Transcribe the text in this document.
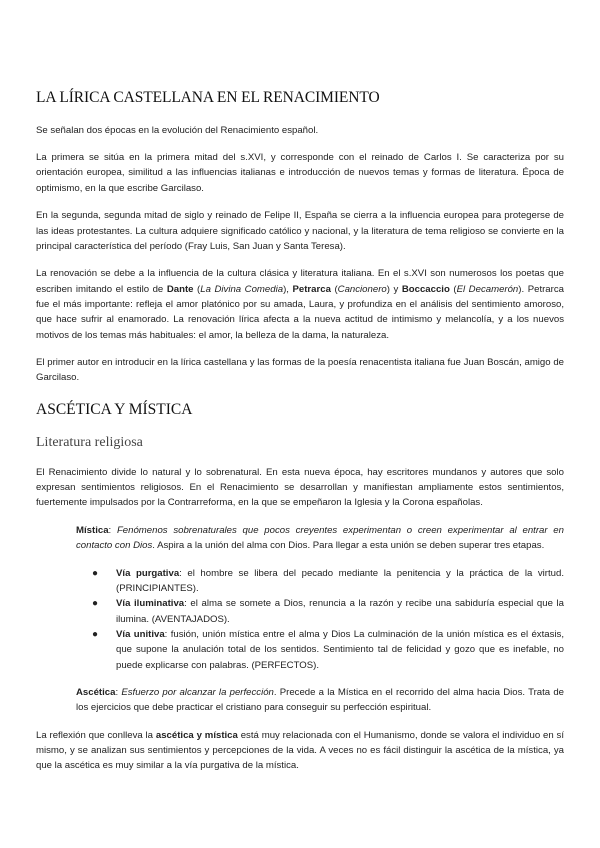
LA LÍRICA CASTELLANA EN EL RENACIMIENTO

Se señalan dos épocas en la evolución del Renacimiento español.

La primera se sitúa en la primera mitad del s.XVI, y corresponde con el reinado de Carlos I. Se caracteriza por su orientación europea, similitud a las influencias italianas e introducción de nuevos temas y formas de literatura. Época de optimismo, en la que escribe Garcilaso.

En la segunda, segunda mitad de siglo y reinado de Felipe II, España se cierra a la influencia europea para protegerse de las ideas protestantes. La cultura adquiere significado católico y nacional, y la literatura de tema religioso se convierte en la principal característica del período (Fray Luis, San Juan y Santa Teresa).

La renovación se debe a la influencia de la cultura clásica y literatura italiana. En el s.XVI son numerosos los poetas que escriben imitando el estilo de Dante (La Divina Comedia), Petrarca (Cancionero) y Boccaccio (El Decamerón). Petrarca fue el más importante: refleja el amor platónico por su amada, Laura, y profundiza en el análisis del sentimiento amoroso, que hace sufrir al enamorado. La renovación lírica afecta a la nueva actitud de intimismo y melancolía, y a los nuevos motivos de los temas más habituales: el amor, la belleza de la dama, la naturaleza.

El primer autor en introducir en la lírica castellana y las formas de la poesía renacentista italiana fue Juan Boscán, amigo de Garcilaso.

ASCÉTICA Y MÍSTICA
Literatura religiosa

El Renacimiento divide lo natural y lo sobrenatural. En esta nueva época, hay escritores mundanos y autores que solo expresan sentimientos religiosos. En el Renacimiento se desarrollan y manifiestan ampliamente estos sentimientos, fuertemente impulsados por la Contrarreforma, en la que se empeñaron la Iglesia y la Corona españolas.

Mística: Fenómenos sobrenaturales que pocos creyentes experimentan o creen experimentar al entrar en contacto con Dios. Aspira a la unión del alma con Dios. Para llegar a esta unión se deben superar tres etapas.

● Vía purgativa: el hombre se libera del pecado mediante la penitencia y la práctica de la virtud. (PRINCIPIANTES).
● Vía iluminativa: el alma se somete a Dios, renuncia a la razón y recibe una sabiduría especial que la ilumina. (AVENTAJADOS).
● Vía unitiva: fusión, unión mística entre el alma y Dios La culminación de la unión mística es el éxtasis, que supone la anulación total de los sentidos. Sentimiento tal de felicidad y gozo que es inefable, no puede explicarse con palabras. (PERFECTOS).

Ascética: Esfuerzo por alcanzar la perfección. Precede a la Mística en el recorrido del alma hacia Dios. Trata de los ejercicios que debe practicar el cristiano para conseguir su perfección espiritual.

La reflexión que conlleva la ascética y mística está muy relacionada con el Humanismo, donde se valora el individuo en sí mismo, y se analizan sus sentimientos y percepciones de la vida. A veces no es fácil distinguir la ascética de la mística, ya que la ascética es muy similar a la vía purgativa de la mística.
